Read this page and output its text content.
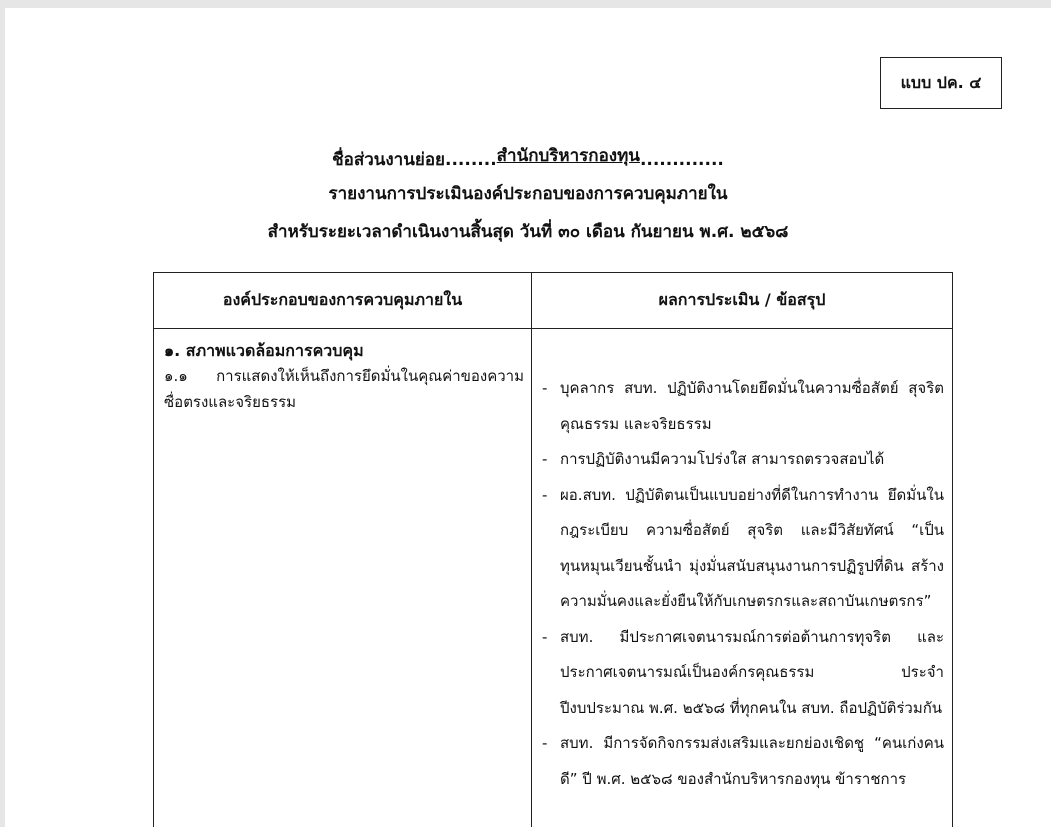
แบบ ปค. ๔
ชื่อส่วนงานย่อย........สำนักบริหารกองทุน.............
รายงานการประเมินองค์ประกอบของการควบคุมภายใน
สำหรับระยะเวลาดำเนินงานสิ้นสุด วันที่ ๓๐ เดือน กันยายน พ.ศ. ๒๕๖๘
องค์ประกอบของการควบคุมภายใน	ผลการประเมิน / ข้อสรุป
๑. สภาพแวดล้อมการควบคุม
๑.๑ การแสดงให้เห็นถึงการยึดมั่นในคุณค่าของความซื่อตรงและจริยธรรม
- บุคลากร สบท. ปฏิบัติงานโดยยึดมั่นในความซื่อสัตย์ สุจริต คุณธรรม และจริยธรรม
- การปฏิบัติงานมีความโปร่งใส สามารถตรวจสอบได้
- ผอ.สบท. ปฏิบัติตนเป็นแบบอย่างที่ดีในการทำงาน ยึดมั่นในกฎระเบียบ ความซื่อสัตย์ สุจริต และมีวิสัยทัศน์ “เป็นทุนหมุนเวียนชั้นนำ มุ่งมั่นสนับสนุนงานการปฏิรูปที่ดิน สร้างความมั่นคงและยั่งยืนให้กับเกษตรกรและสถาบันเกษตรกร”
- สบท. มีประกาศเจตนารมณ์การต่อต้านการทุจริต และประกาศเจตนารมณ์เป็นองค์กรคุณธรรม ประจำปีงบประมาณ พ.ศ. ๒๕๖๘ ที่ทุกคนใน สบท. ถือปฏิบัติร่วมกัน
- สบท. มีการจัดกิจกรรมส่งเสริมและยกย่องเชิดชู “คนเก่งคนดี” ปี พ.ศ. ๒๕๖๘ ของสำนักบริหารกองทุน ข้าราชการ
